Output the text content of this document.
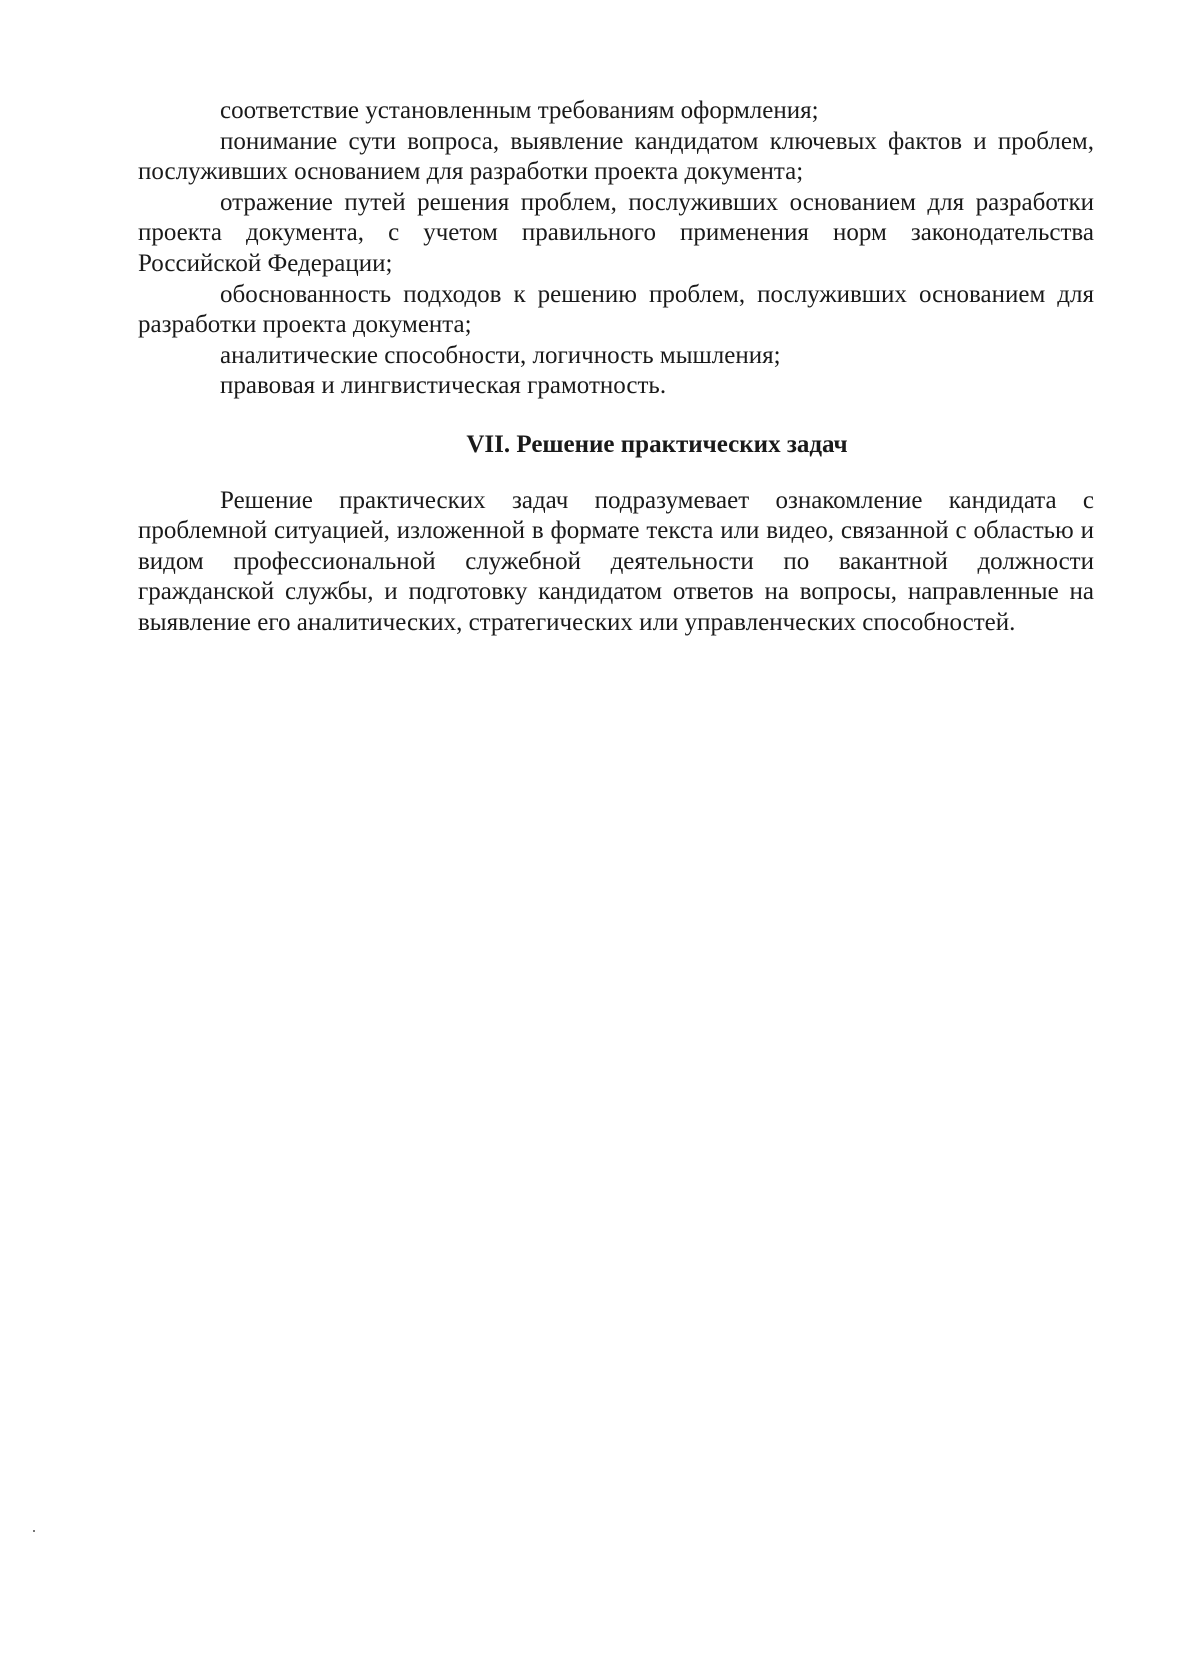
соответствие установленным требованиям оформления;

понимание сути вопроса, выявление кандидатом ключевых фактов и проблем, послуживших основанием для разработки проекта документа;

отражение путей решения проблем, послуживших основанием для разработки проекта документа, с учетом правильного применения норм законодательства Российской Федерации;

обоснованность подходов к решению проблем, послуживших основанием для разработки проекта документа;

аналитические способности, логичность мышления;

правовая и лингвистическая грамотность.

VII. Решение практических задач

Решение практических задач подразумевает ознакомление кандидата с проблемной ситуацией, изложенной в формате текста или видео, связанной с областью и видом профессиональной служебной деятельности по вакантной должности гражданской службы, и подготовку кандидатом ответов на вопросы, направленные на выявление его аналитических, стратегических или управленческих способностей.
